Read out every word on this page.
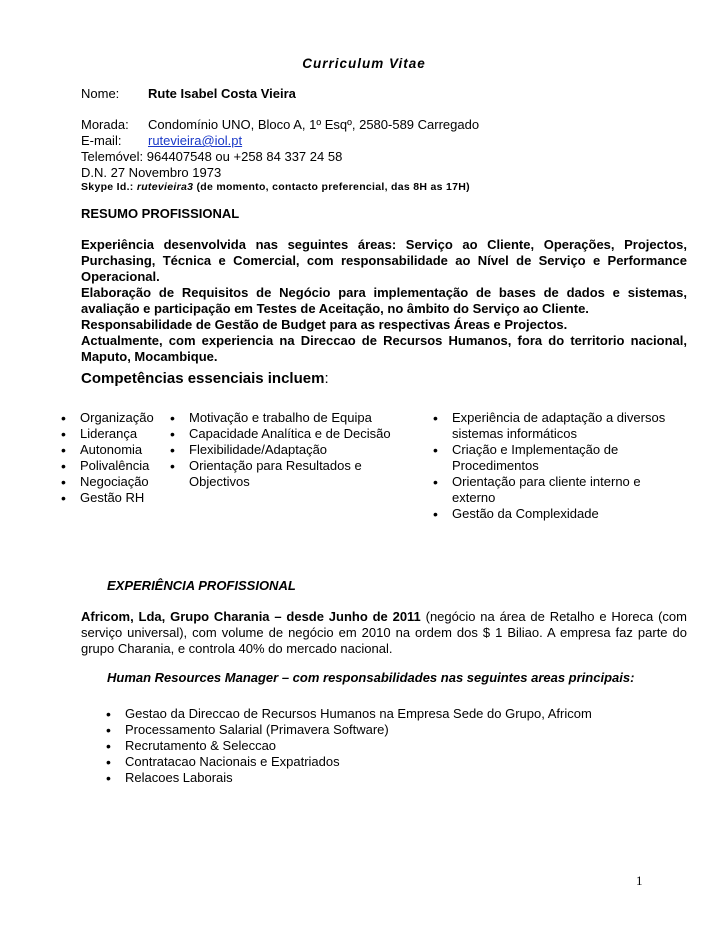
Curriculum Vitae
Nome: Rute Isabel Costa Vieira
Morada: Condomínio UNO, Bloco A, 1º Esqº, 2580-589 Carregado
E-mail: rutevieira@iol.pt
Telemóvel: 964407548 ou +258 84 337 24 58
D.N. 27 Novembro 1973
Skype Id.: rutevieira3 (de momento, contacto preferencial, das 8H as 17H)
RESUMO PROFISSIONAL
Experiência desenvolvida nas seguintes áreas: Serviço ao Cliente, Operações, Projectos, Purchasing, Técnica e Comercial, com responsabilidade ao Nível de Serviço e Performance Operacional.
Elaboração de Requisitos de Negócio para implementação de bases de dados e sistemas, avaliação e participação em Testes de Aceitação, no âmbito do Serviço ao Cliente.
Responsabilidade de Gestão de Budget para as respectivas Áreas e Projectos.
Actualmente, com experiencia na Direccao de Recursos Humanos, fora do territorio nacional, Maputo, Mocambique.
Competências essenciais incluem:
• Organização
• Liderança
• Autonomia
• Polivalência
• Negociação
• Gestão RH
• Motivação e trabalho de Equipa
• Capacidade Analítica e de Decisão
• Flexibilidade/Adaptação
• Orientação para Resultados e Objectivos
• Experiência de adaptação a diversos sistemas informáticos
• Criação e Implementação de Procedimentos
• Orientação para cliente interno e externo
• Gestão da Complexidade
EXPERIÊNCIA PROFISSIONAL
Africom, Lda, Grupo Charania – desde Junho de 2011 (negócio na área de Retalho e Horeca (com serviço universal), com volume de negócio em 2010 na ordem dos $ 1 Biliao. A empresa faz parte do grupo Charania, e controla 40% do mercado nacional.
Human Resources Manager – com responsabilidades nas seguintes areas principais:
• Gestao da Direccao de Recursos Humanos na Empresa Sede do Grupo, Africom
• Processamento Salarial (Primavera Software)
• Recrutamento & Seleccao
• Contratacao Nacionais e Expatriados
• Relacoes Laborais
1
